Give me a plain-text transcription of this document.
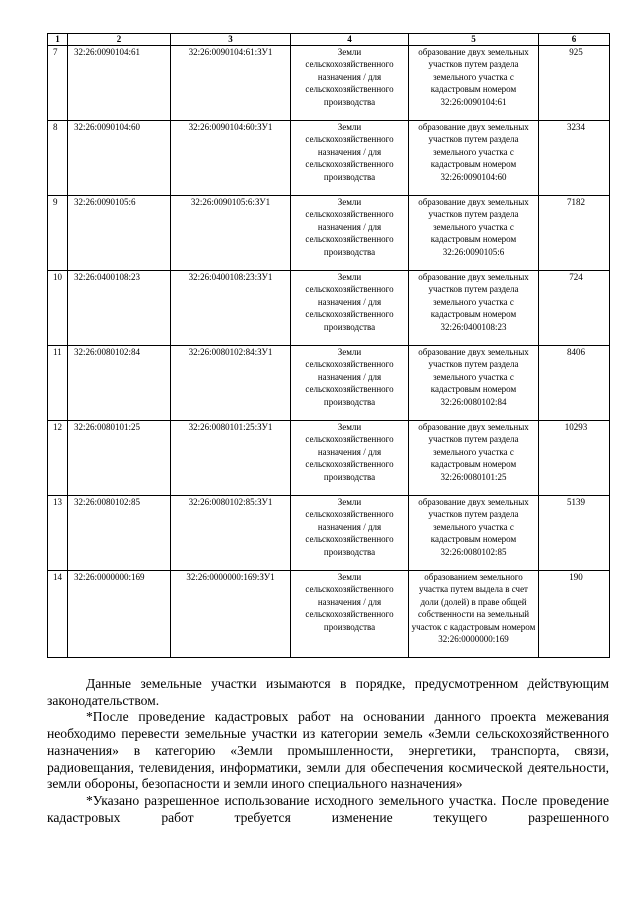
1	2	3	4	5	6
7	32:26:0090104:61	32:26:0090104:61:ЗУ1	Земли сельскохозяйственного назначения / для сельскохозяйственного производства	образование двух земельных участков путем раздела земельного участка с кадастровым номером 32:26:0090104:61	925
8	32:26:0090104:60	32:26:0090104:60:ЗУ1	Земли сельскохозяйственного назначения / для сельскохозяйственного производства	образование двух земельных участков путем раздела земельного участка с кадастровым номером 32:26:0090104:60	3234
9	32:26:0090105:6	32:26:0090105:6:ЗУ1	Земли сельскохозяйственного назначения / для сельскохозяйственного производства	образование двух земельных участков путем раздела земельного участка с кадастровым номером 32:26:0090105:6	7182
10	32:26:0400108:23	32:26:0400108:23:ЗУ1	Земли сельскохозяйственного назначения / для сельскохозяйственного производства	образование двух земельных участков путем раздела земельного участка с кадастровым номером 32:26:0400108:23	724
11	32:26:0080102:84	32:26:0080102:84:ЗУ1	Земли сельскохозяйственного назначения / для сельскохозяйственного производства	образование двух земельных участков путем раздела земельного участка с кадастровым номером 32:26:0080102:84	8406
12	32:26:0080101:25	32:26:0080101:25:ЗУ1	Земли сельскохозяйственного назначения / для сельскохозяйственного производства	образование двух земельных участков путем раздела земельного участка с кадастровым номером 32:26:0080101:25	10293
13	32:26:0080102:85	32:26:0080102:85:ЗУ1	Земли сельскохозяйственного назначения / для сельскохозяйственного производства	образование двух земельных участков путем раздела земельного участка с кадастровым номером 32:26:0080102:85	5139
14	32:26:0000000:169	32:26:0000000:169:ЗУ1	Земли сельскохозяйственного назначения / для сельскохозяйственного производства	образованием земельного участка путем выдела в счет доли (долей) в праве общей собственности на земельный участок с кадастровым номером 32:26:0000000:169	190

Данные земельные участки изымаются в порядке, предусмотренном действующим законодательством.

*После проведение кадастровых работ на основании данного проекта межевания необходимо перевести земельные участки из категории земель «Земли сельскохозяйственного назначения» в категорию «Земли промышленности, энергетики, транспорта, связи, радиовещания, телевидения, информатики, земли для обеспечения космической деятельности, земли обороны, безопасности и земли иного специального назначения»

*Указано разрешенное использование исходного земельного участка. После проведение кадастровых работ требуется изменение текущего разрешенного
